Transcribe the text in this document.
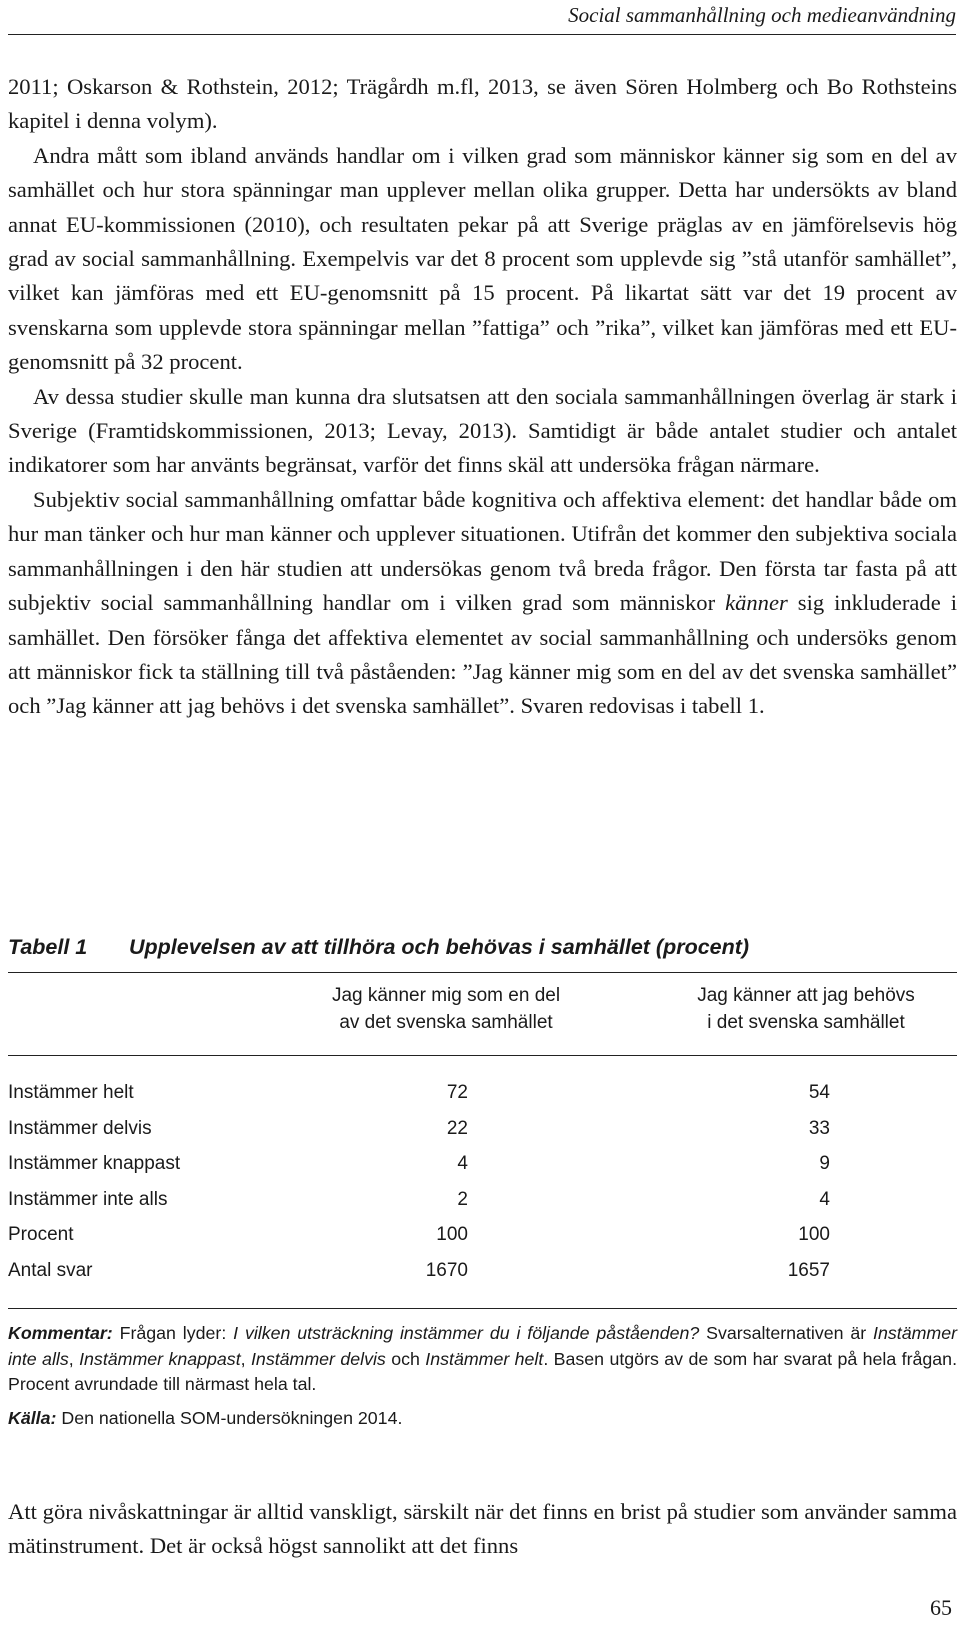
Social sammanhållning och medieanvändning

2011; Oskarson & Rothstein, 2012; Trägårdh m.fl, 2013, se även Sören Holmberg och Bo Rothsteins kapitel i denna volym).

Andra mått som ibland används handlar om i vilken grad som människor känner sig som en del av samhället och hur stora spänningar man upplever mellan olika grupper. Detta har undersökts av bland annat EU-kommissionen (2010), och resultaten pekar på att Sverige präglas av en jämförelsevis hög grad av social sammanhållning. Exempelvis var det 8 procent som upplevde sig ”stå utanför samhället”, vilket kan jämföras med ett EU-genomsnitt på 15 procent. På likartat sätt var det 19 procent av svenskarna som upplevde stora spänningar mellan ”fattiga” och ”rika”, vilket kan jämföras med ett EU-genomsnitt på 32 procent.

Av dessa studier skulle man kunna dra slutsatsen att den sociala sammanhållningen överlag är stark i Sverige (Framtidskommissionen, 2013; Levay, 2013). Samtidigt är både antalet studier och antalet indikatorer som har använts begränsat, varför det finns skäl att undersöka frågan närmare.

Subjektiv social sammanhållning omfattar både kognitiva och affektiva element: det handlar både om hur man tänker och hur man känner och upplever situationen. Utifrån det kommer den subjektiva sociala sammanhållningen i den här studien att undersökas genom två breda frågor. Den första tar fasta på att subjektiv social sammanhållning handlar om i vilken grad som människor känner sig inkluderade i samhället. Den försöker fånga det affektiva elementet av social sammanhållning och undersöks genom att människor fick ta ställning till två påståenden: ”Jag känner mig som en del av det svenska samhället” och ”Jag känner att jag behövs i det svenska samhället”. Svaren redovisas i tabell 1.

Tabell 1 Upplevelsen av att tillhöra och behövas i samhället (procent)
Jag känner mig som en del
av det svenska samhället
Jag känner att jag behövs
i det svenska samhället
Instämmer helt	72	54
Instämmer delvis	22	33
Instämmer knappast	4	9
Instämmer inte alls	2	4
Procent	100	100
Antal svar	1670	1657

Kommentar: Frågan lyder: I vilken utsträckning instämmer du i följande påståenden? Svarsalternativen är Instämmer inte alls, Instämmer knappast, Instämmer delvis och Instämmer helt. Basen utgörs av de som har svarat på hela frågan. Procent avrundade till närmast hela tal.

Källa: Den nationella SOM-undersökningen 2014.

Att göra nivåskattningar är alltid vanskligt, särskilt när det finns en brist på studier som använder samma mätinstrument. Det är också högst sannolikt att det finns

65
